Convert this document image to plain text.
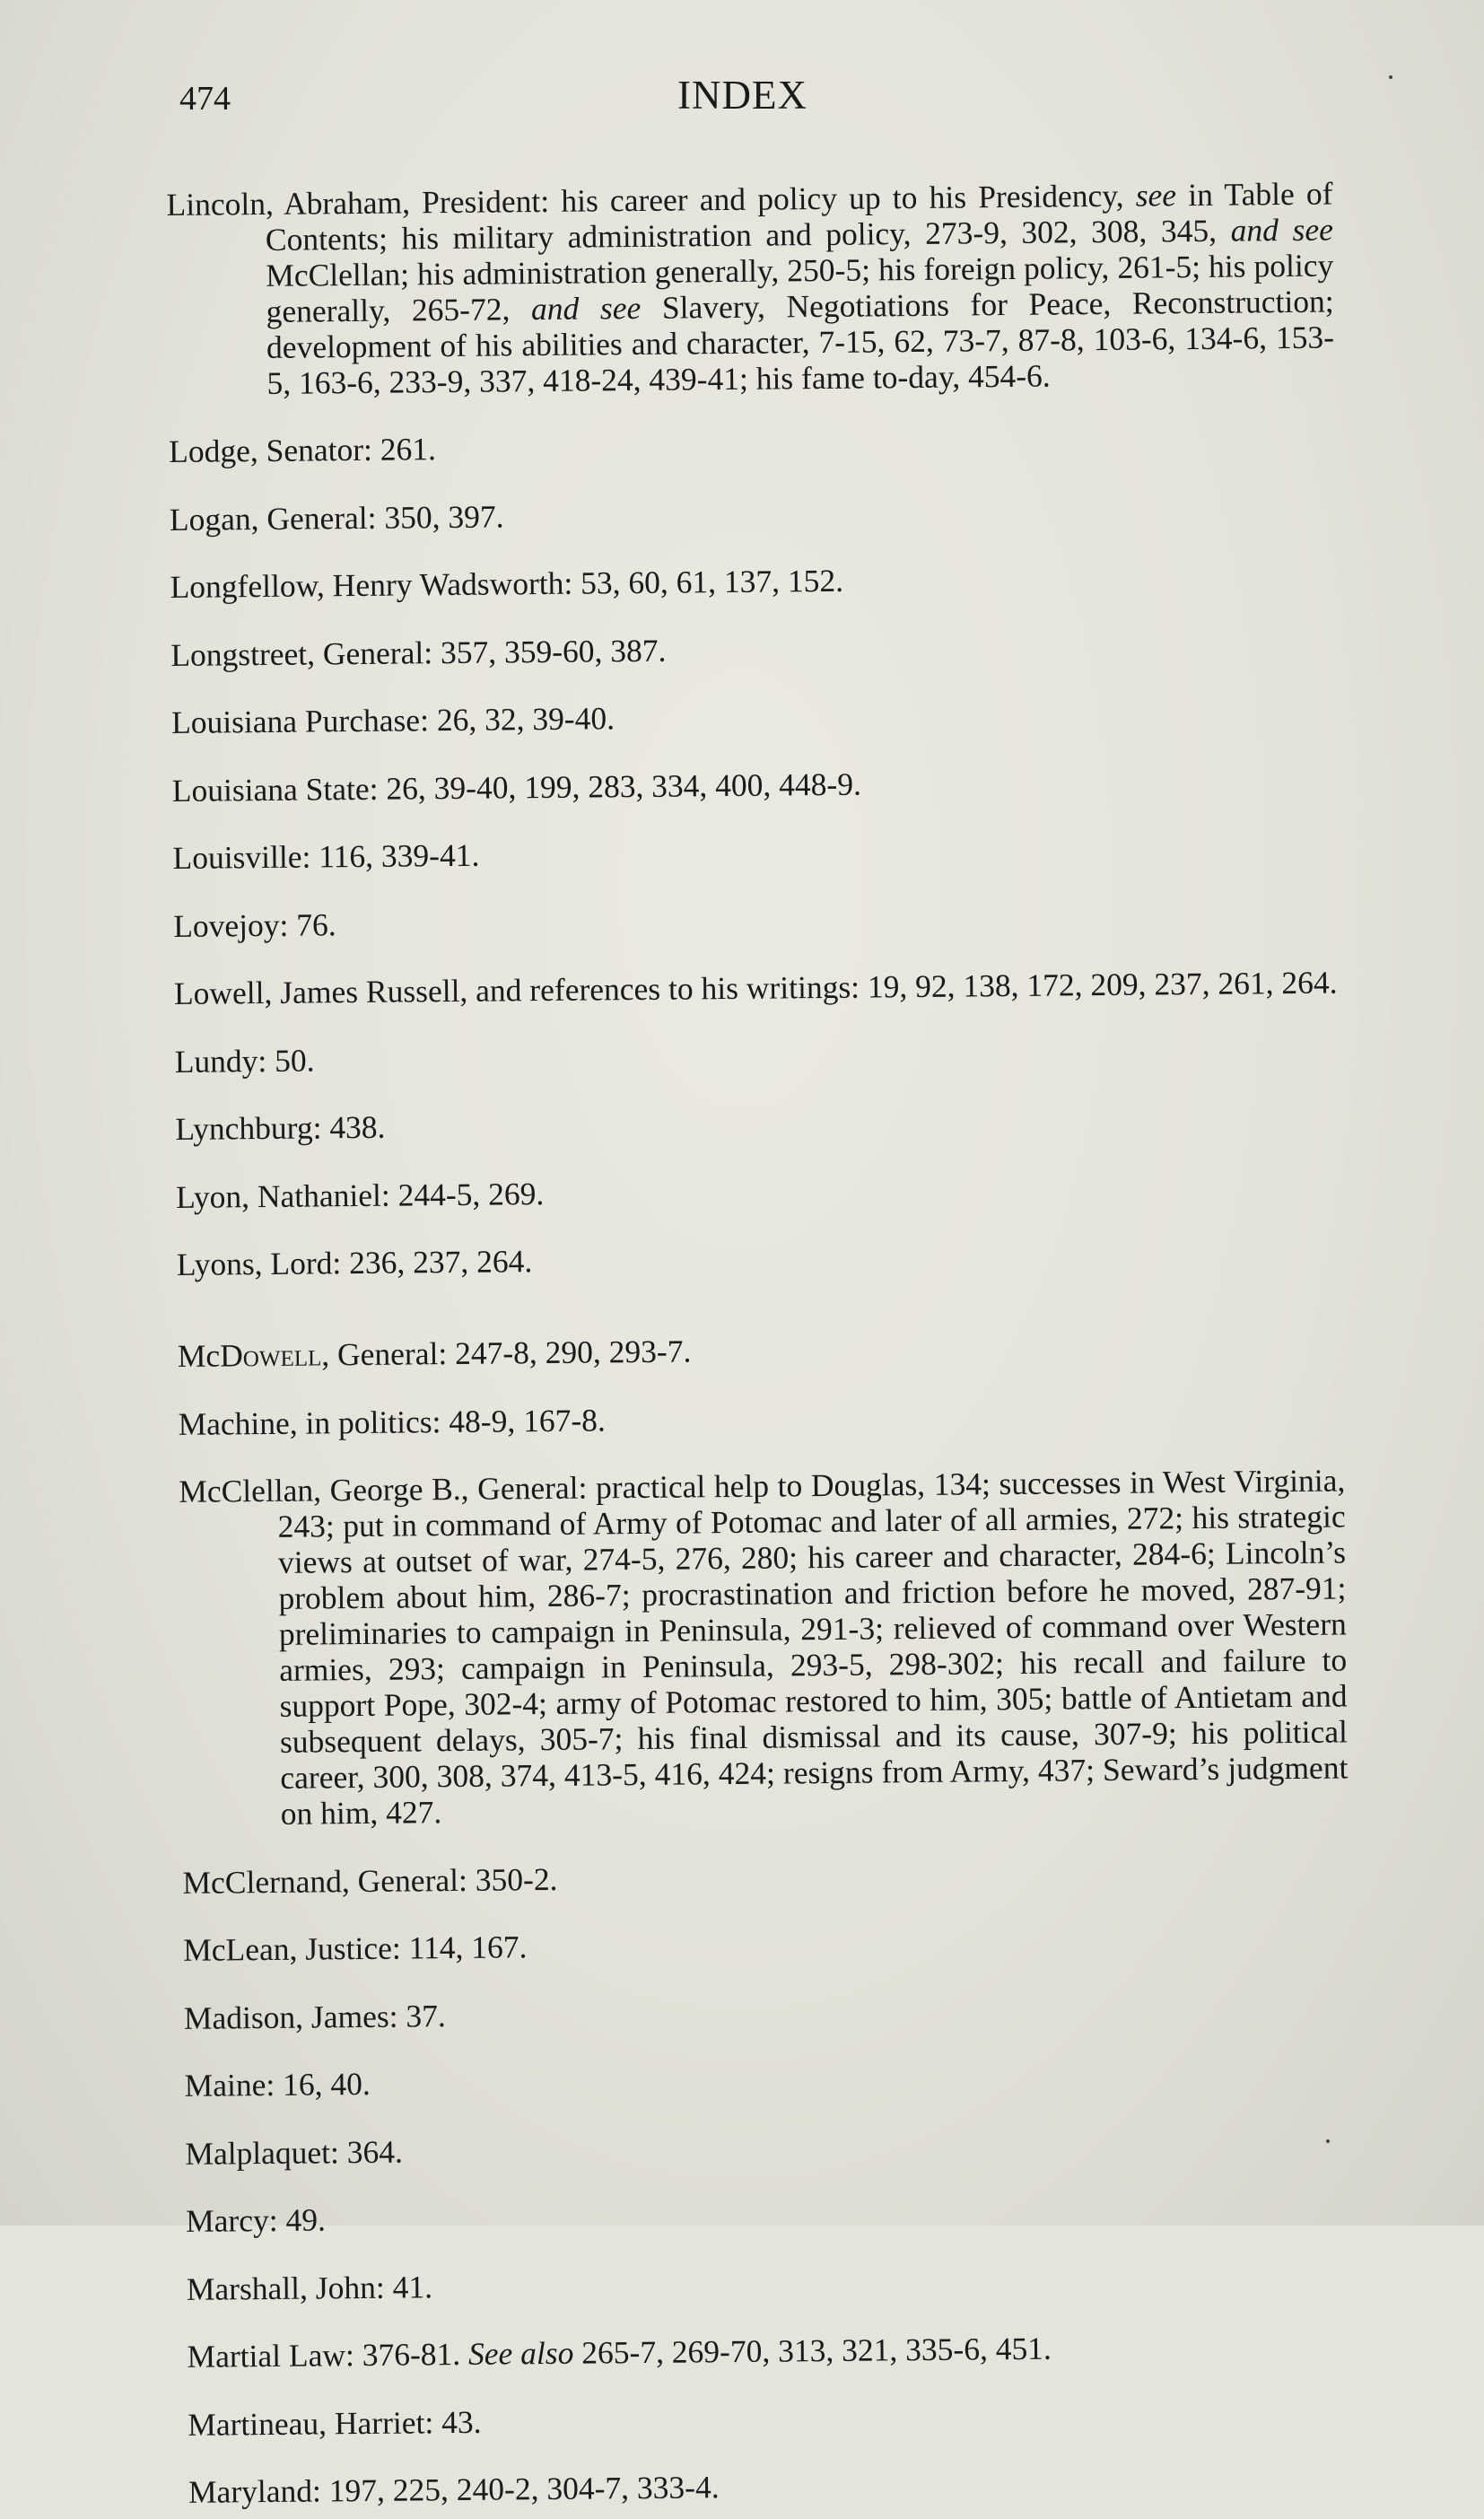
474	INDEX

Lincoln, Abraham, President: his career and policy up to his Presidency, see in Table of Contents; his military administration and policy, 273-9, 302, 308, 345, and see McClellan; his administration generally, 250-5; his foreign policy, 261-5; his policy generally, 265-72, and see Slavery, Negotiations for Peace, Reconstruction; development of his abilities and character, 7-15, 62, 73-7, 87-8, 103-6, 134-6, 153-5, 163-6, 233-9, 337, 418-24, 439-41; his fame to-day, 454-6.

Lodge, Senator: 261.

Logan, General: 350, 397.

Longfellow, Henry Wadsworth: 53, 60, 61, 137, 152.

Longstreet, General: 357, 359-60, 387.

Louisiana Purchase: 26, 32, 39-40.

Louisiana State: 26, 39-40, 199, 283, 334, 400, 448-9.

Louisville: 116, 339-41.

Lovejoy: 76.

Lowell, James Russell, and references to his writings: 19, 92, 138, 172, 209, 237, 261, 264.

Lundy: 50.

Lynchburg: 438.

Lyon, Nathaniel: 244-5, 269.

Lyons, Lord: 236, 237, 264.

McDowell, General: 247-8, 290, 293-7.

Machine, in politics: 48-9, 167-8.

McClellan, George B., General: practical help to Douglas, 134; successes in West Virginia, 243; put in command of Army of Potomac and later of all armies, 272; his strategic views at outset of war, 274-5, 276, 280; his career and character, 284-6; Lincoln’s problem about him, 286-7; procrastination and friction before he moved, 287-91; preliminaries to campaign in Peninsula, 291-3; relieved of command over Western armies, 293; campaign in Peninsula, 293-5, 298-302; his recall and failure to support Pope, 302-4; army of Potomac restored to him, 305; battle of Antietam and subsequent delays, 305-7; his final dismissal and its cause, 307-9; his political career, 300, 308, 374, 413-5, 416, 424; resigns from Army, 437; Seward’s judgment on him, 427.

McClernand, General: 350-2.

McLean, Justice: 114, 167.

Madison, James: 37.

Maine: 16, 40.

Malplaquet: 364.

Marcy: 49.

Marshall, John: 41.

Martial Law: 376-81. See also 265-7, 269-70, 313, 321, 335-6, 451.

Martineau, Harriet: 43.

Maryland: 197, 225, 240-2, 304-7, 333-4.
